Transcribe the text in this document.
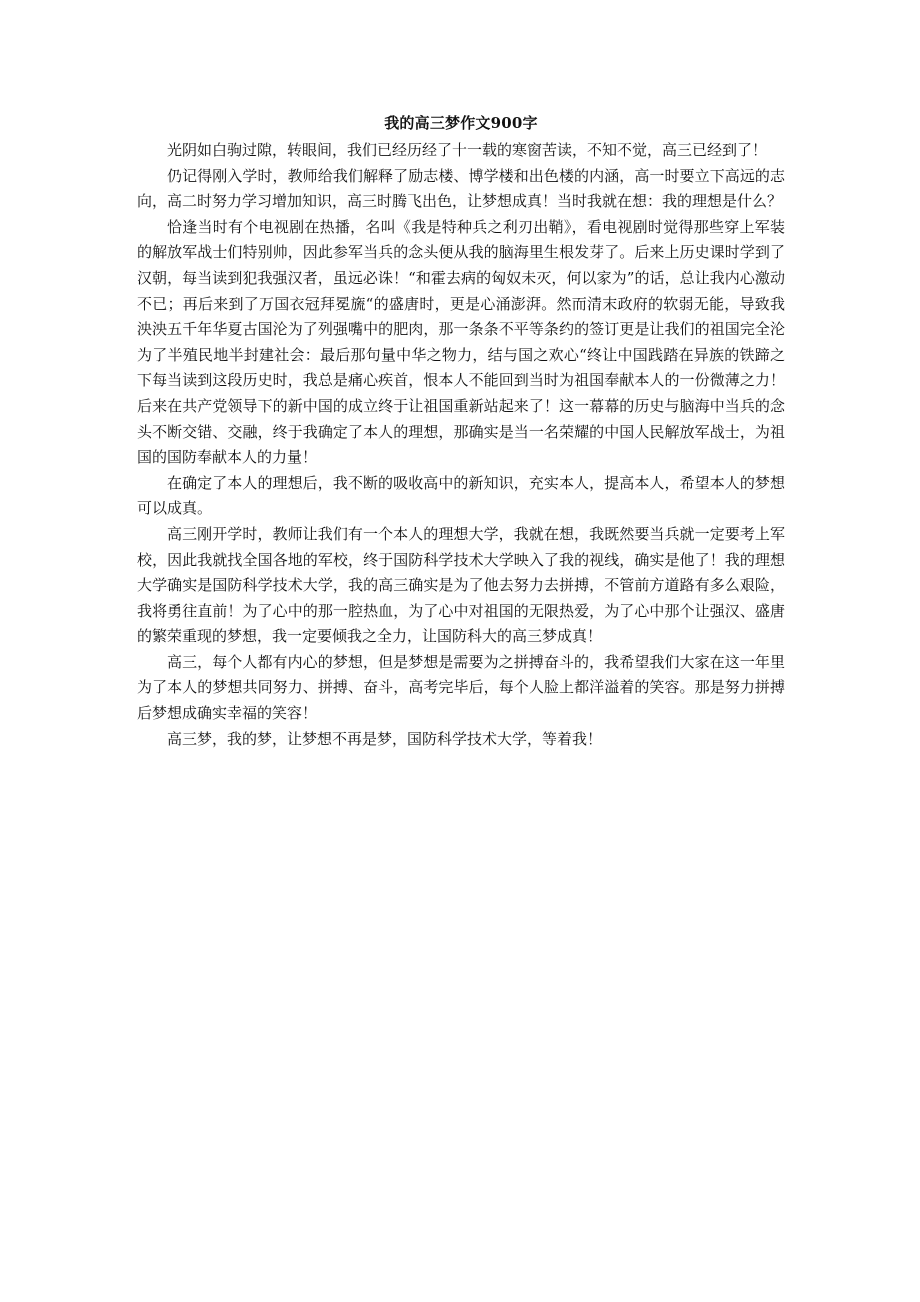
我的高三梦作文900字

光阴如白驹过隙，转眼间，我们已经历经了十一载的寒窗苦读，不知不觉，高三已经到了！

仍记得刚入学时，教师给我们解释了励志楼、博学楼和出色楼的内涵，高一时要立下高远的志向，高二时努力学习增加知识，高三时腾飞出色，让梦想成真！当时我就在想：我的理想是什么？

恰逢当时有个电视剧在热播，名叫《我是特种兵之利刃出鞘》，看电视剧时觉得那些穿上军装的解放军战士们特别帅，因此参军当兵的念头便从我的脑海里生根发芽了。后来上历史课时学到了汉朝，每当读到犯我强汉者，虽远必诛！“和霍去病的匈奴未灭，何以家为”的话，总让我内心激动不已；再后来到了万国衣冠拜冕旒“的盛唐时，更是心涌澎湃。然而清末政府的软弱无能，导致我泱泱五千年华夏古国沦为了列强嘴中的肥肉，那一条条不平等条约的签订更是让我们的祖国完全沦为了半殖民地半封建社会：最后那句量中华之物力，结与国之欢心“终让中国践踏在异族的铁蹄之下每当读到这段历史时，我总是痛心疾首，恨本人不能回到当时为祖国奉献本人的一份微薄之力！后来在共产党领导下的新中国的成立终于让祖国重新站起来了！这一幕幕的历史与脑海中当兵的念头不断交错、交融，终于我确定了本人的理想，那确实是当一名荣耀的中国人民解放军战士，为祖国的国防奉献本人的力量！

在确定了本人的理想后，我不断的吸收高中的新知识，充实本人，提高本人，希望本人的梦想可以成真。

高三刚开学时，教师让我们有一个本人的理想大学，我就在想，我既然要当兵就一定要考上军校，因此我就找全国各地的军校，终于国防科学技术大学映入了我的视线，确实是他了！我的理想大学确实是国防科学技术大学，我的高三确实是为了他去努力去拼搏，不管前方道路有多么艰险，我将勇往直前！为了心中的那一腔热血，为了心中对祖国的无限热爱，为了心中那个让强汉、盛唐的繁荣重现的梦想，我一定要倾我之全力，让国防科大的高三梦成真！

高三，每个人都有内心的梦想，但是梦想是需要为之拼搏奋斗的，我希望我们大家在这一年里为了本人的梦想共同努力、拼搏、奋斗，高考完毕后，每个人脸上都洋溢着的笑容。那是努力拼搏后梦想成确实幸福的笑容！

高三梦，我的梦，让梦想不再是梦，国防科学技术大学，等着我！
